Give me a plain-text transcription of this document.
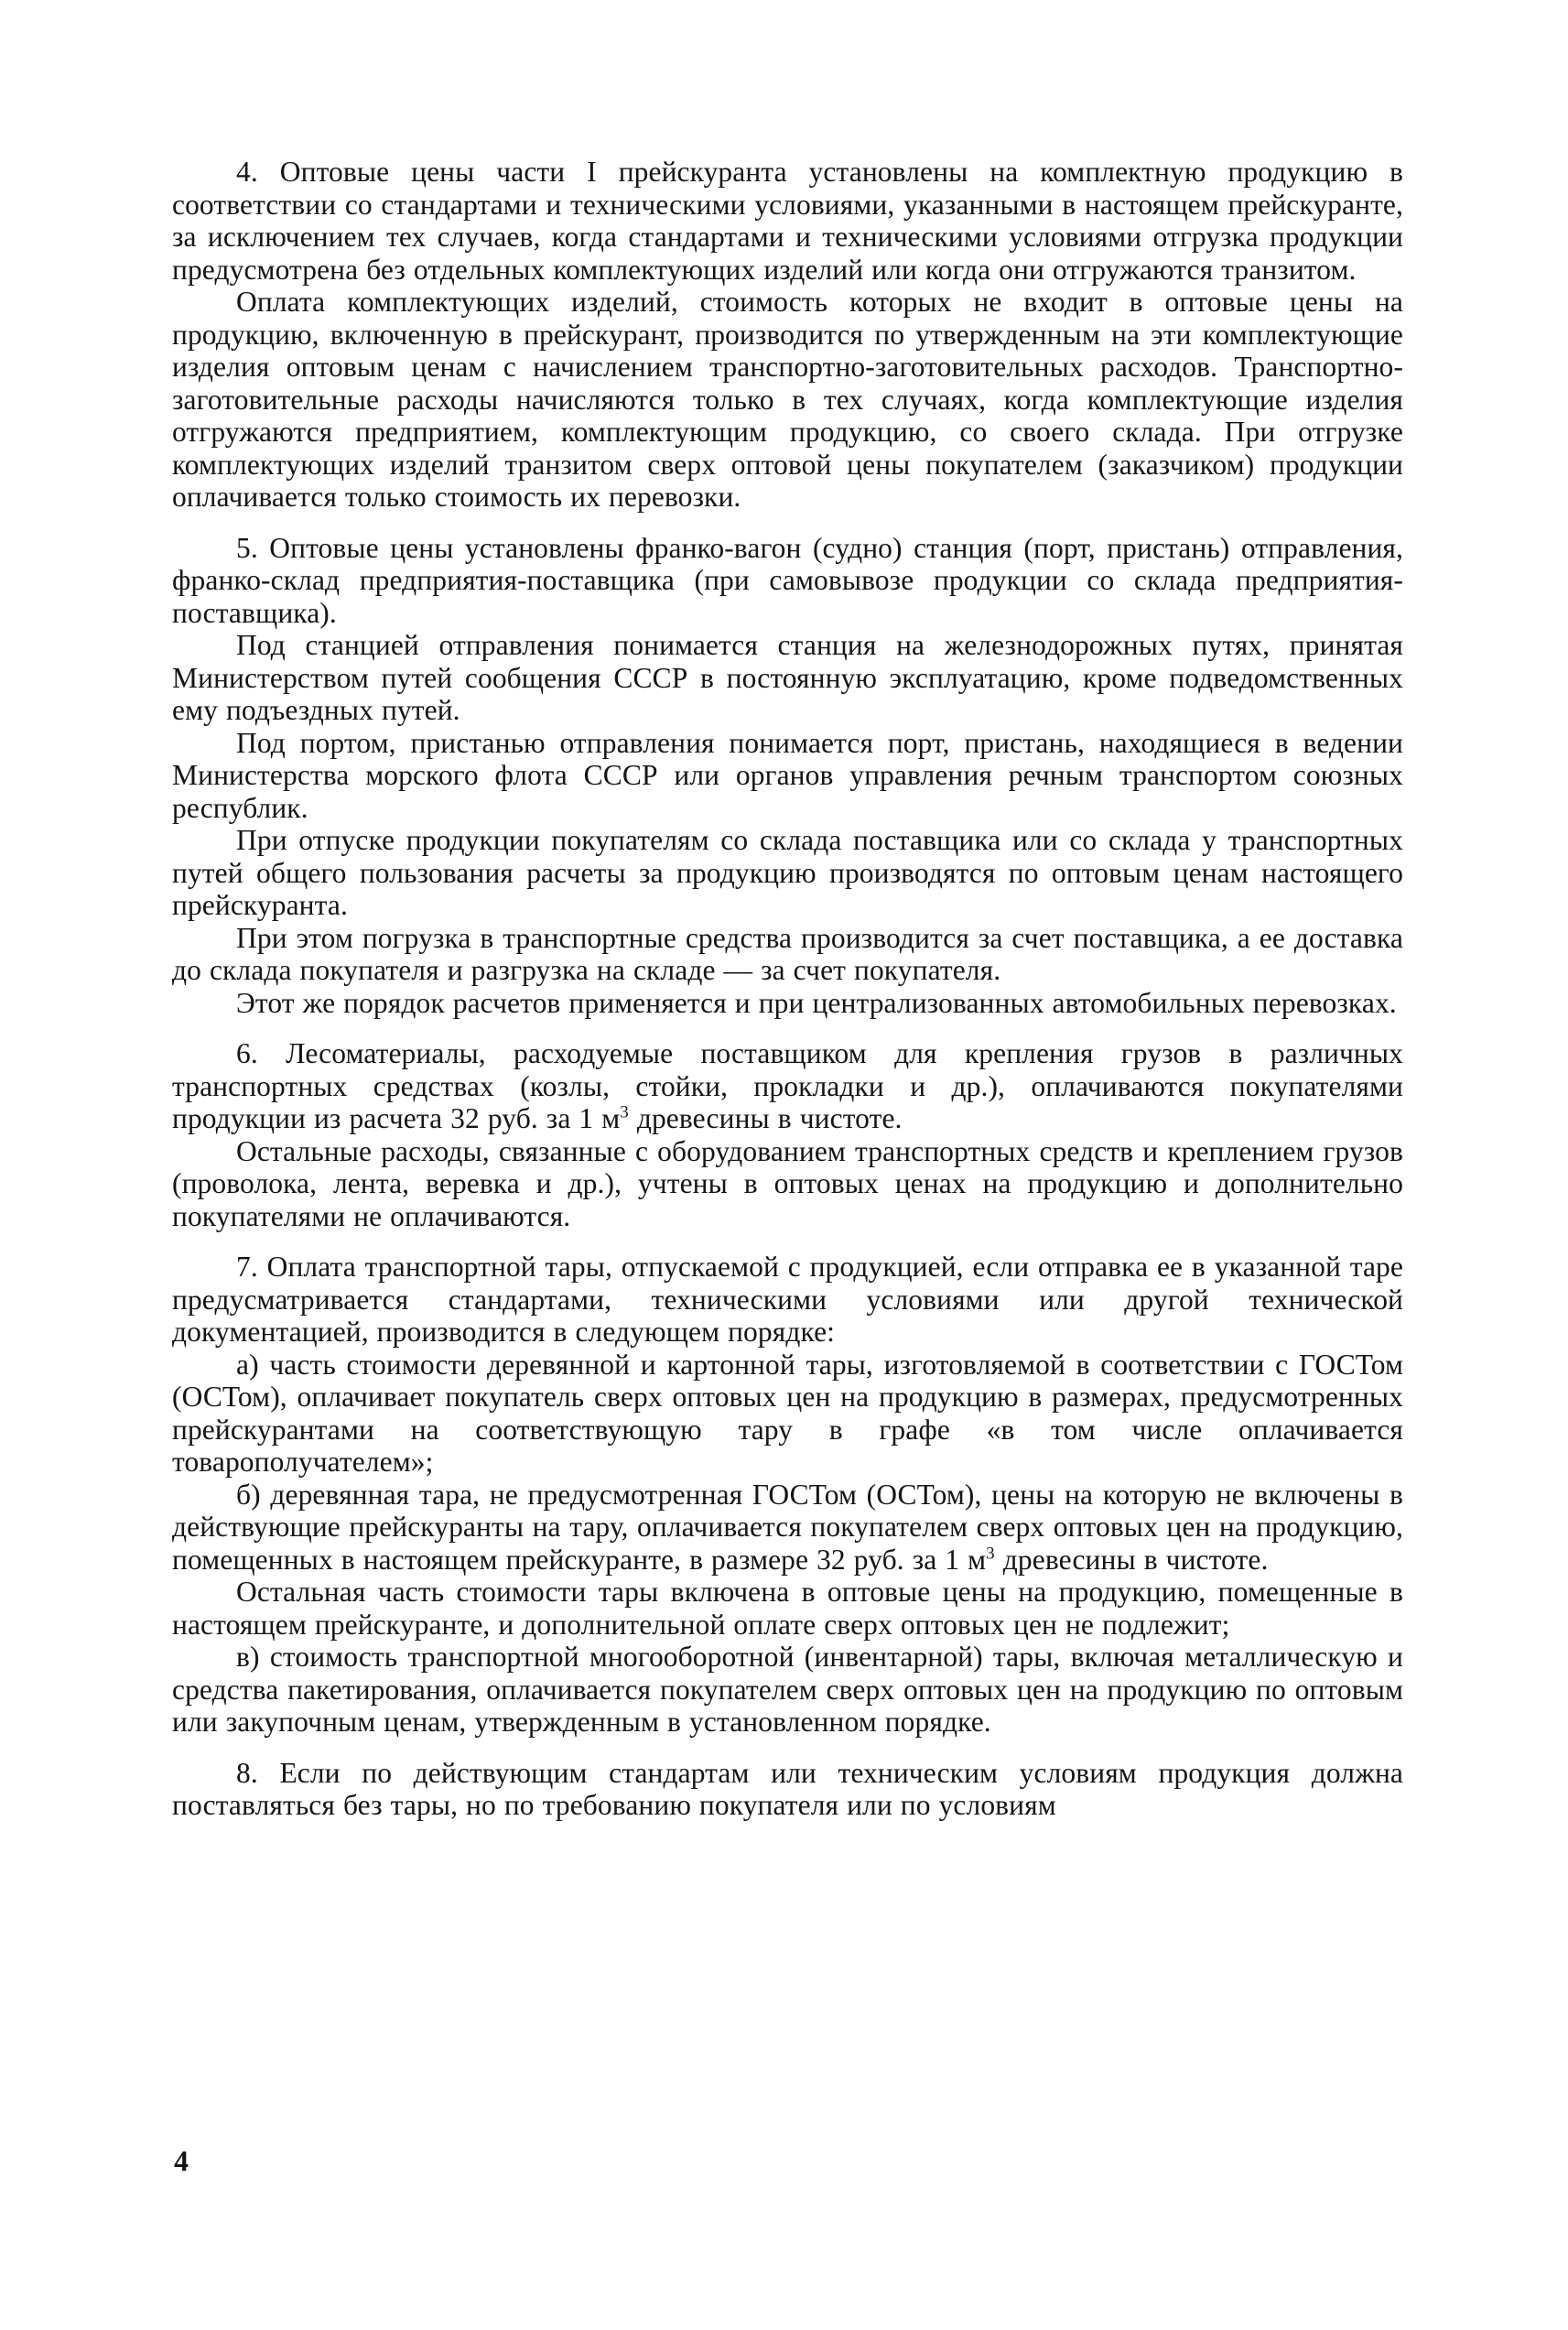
4. Оптовые цены части I прейскуранта установлены на комплектную продукцию в соответствии со стандартами и техническими условиями, указанными в настоящем прейскуранте, за исключением тех случаев, когда стандартами и техническими условиями отгрузка продукции предусмотрена без отдельных комплектующих изделий или когда они отгружаются транзитом.

Оплата комплектующих изделий, стоимость которых не входит в оптовые цены на продукцию, включенную в прейскурант, производится по утвержденным на эти комплектующие изделия оптовым ценам с начислением транспортно-заготовительных расходов. Транспортно-заготовительные расходы начисляются только в тех случаях, когда комплектующие изделия отгружаются предприятием, комплектующим продукцию, со своего склада. При отгрузке комплектующих изделий транзитом сверх оптовой цены покупателем (заказчиком) продукции оплачивается только стоимость их перевозки.

5. Оптовые цены установлены франко-вагон (судно) станция (порт, пристань) отправления, франко-склад предприятия-поставщика (при самовывозе продукции со склада предприятия-поставщика).

Под станцией отправления понимается станция на железнодорожных путях, принятая Министерством путей сообщения СССР в постоянную эксплуатацию, кроме подведомственных ему подъездных путей.

Под портом, пристанью отправления понимается порт, пристань, находящиеся в ведении Министерства морского флота СССР или органов управления речным транспортом союзных республик.

При отпуске продукции покупателям со склада поставщика или со склада у транспортных путей общего пользования расчеты за продукцию производятся по оптовым ценам настоящего прейскуранта.

При этом погрузка в транспортные средства производится за счет поставщика, а ее доставка до склада покупателя и разгрузка на складе — за счет покупателя.

Этот же порядок расчетов применяется и при централизованных автомобильных перевозках.

6. Лесоматериалы, расходуемые поставщиком для крепления грузов в различных транспортных средствах (козлы, стойки, прокладки и др.), оплачиваются покупателями продукции из расчета 32 руб. за 1 $м^3$ древесины в чистоте.

Остальные расходы, связанные с оборудованием транспортных средств и креплением грузов (проволока, лента, веревка и др.), учтены в оптовых ценах на продукцию и дополнительно покупателями не оплачиваются.

7. Оплата транспортной тары, отпускаемой с продукцией, если отправка ее в указанной таре предусматривается стандартами, техническими условиями или другой технической документацией, производится в следующем порядке:

а) часть стоимости деревянной и картонной тары, изготовляемой в соответствии с ГОСТом (ОСТом), оплачивает покупатель сверх оптовых цен на продукцию в размерах, предусмотренных прейскурантами на соответствующую тару в графе «в том числе оплачивается товарополучателем»;

б) деревянная тара, не предусмотренная ГОСТом (ОСТом), цены на которую не включены в действующие прейскуранты на тару, оплачивается покупателем сверх оптовых цен на продукцию, помещенных в настоящем прейскуранте, в размере 32 руб. за 1 $м^3$ древесины в чистоте.

Остальная часть стоимости тары включена в оптовые цены на продукцию, помещенные в настоящем прейскуранте, и дополнительной оплате сверх оптовых цен не подлежит;

в) стоимость транспортной многооборотной (инвентарной) тары, включая металлическую и средства пакетирования, оплачивается покупателем сверх оптовых цен на продукцию по оптовым или закупочным ценам, утвержденным в установленном порядке.

8. Если по действующим стандартам или техническим условиям продукция должна поставляться без тары, но по требованию покупателя или по условиям

4
